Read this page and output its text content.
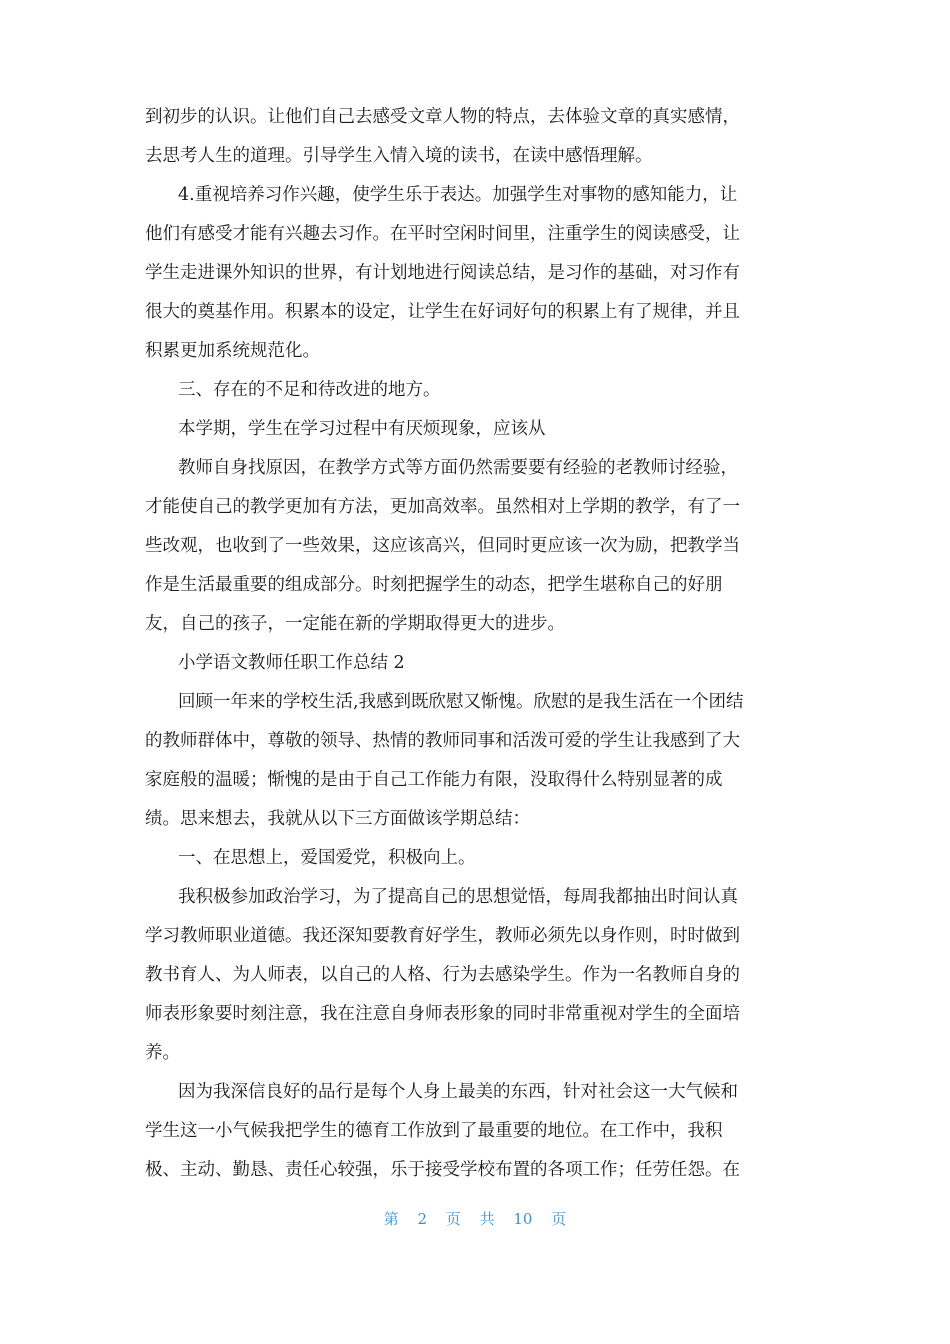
到初步的认识。让他们自己去感受文章人物的特点，去体验文章的真实感情，
去思考人生的道理。引导学生入情入境的读书，在读中感悟理解。
4.重视培养习作兴趣，使学生乐于表达。加强学生对事物的感知能力，让
他们有感受才能有兴趣去习作。在平时空闲时间里，注重学生的阅读感受，让
学生走进课外知识的世界，有计划地进行阅读总结，是习作的基础，对习作有
很大的奠基作用。积累本的设定，让学生在好词好句的积累上有了规律，并且
积累更加系统规范化。
三、存在的不足和待改进的地方。
本学期，学生在学习过程中有厌烦现象，应该从
教师自身找原因，在教学方式等方面仍然需要要有经验的老教师讨经验，
才能使自己的教学更加有方法，更加高效率。虽然相对上学期的教学，有了一
些改观，也收到了一些效果，这应该高兴，但同时更应该一次为励，把教学当
作是生活最重要的组成部分。时刻把握学生的动态，把学生堪称自己的好朋
友，自己的孩子，一定能在新的学期取得更大的进步。
小学语文教师任职工作总结 2
回顾一年来的学校生活,我感到既欣慰又惭愧。欣慰的是我生活在一个团结
的教师群体中，尊敬的领导、热情的教师同事和活泼可爱的学生让我感到了大
家庭般的温暖；惭愧的是由于自己工作能力有限，没取得什么特别显著的成
绩。思来想去，我就从以下三方面做该学期总结：
一、在思想上，爱国爱党，积极向上。
我积极参加政治学习，为了提高自己的思想觉悟，每周我都抽出时间认真
学习教师职业道德。我还深知要教育好学生，教师必须先以身作则，时时做到
教书育人、为人师表，以自己的人格、行为去感染学生。作为一名教师自身的
师表形象要时刻注意，我在注意自身师表形象的同时非常重视对学生的全面培
养。
因为我深信良好的品行是每个人身上最美的东西，针对社会这一大气候和
学生这一小气候我把学生的德育工作放到了最重要的地位。在工作中，我积
极、主动、勤恳、责任心较强，乐于接受学校布置的各项工作；任劳任怨。在
第 2 页 共 10 页
